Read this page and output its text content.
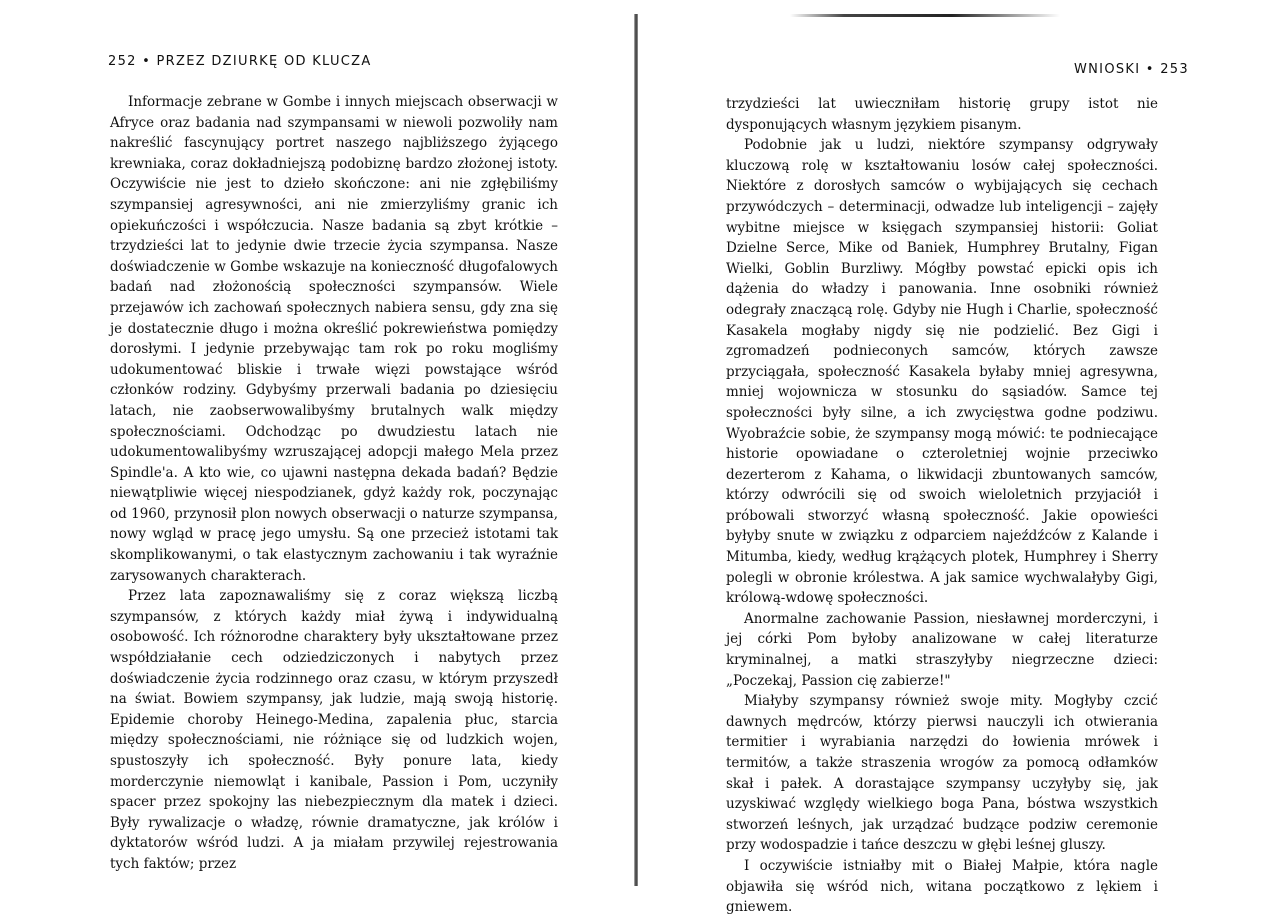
252 • PRZEZ DZIURKĘ OD KLUCZA
WNIOSKI • 253

Informacje zebrane w Gombe i innych miejscach obserwacji w Afryce oraz badania nad szympansami w niewoli pozwoliły nam nakreślić fascynujący portret naszego najbliższego żyjącego krewniaka, coraz dokładniejszą podobiznę bardzo złożonej istoty. Oczywiście nie jest to dzieło skończone: ani nie zgłębiliśmy szympansiej agresywności, ani nie zmierzyliśmy granic ich opiekuńczości i współczucia. Nasze badania są zbyt krótkie – trzydzieści lat to jedynie dwie trzecie życia szympansa. Nasze doświadczenie w Gombe wskazuje na konieczność długofalowych badań nad złożonością społeczności szympansów. Wiele przejawów ich zachowań społecznych nabiera sensu, gdy zna się je dostatecznie długo i można określić pokrewieństwa pomiędzy dorosłymi. I jedynie przebywając tam rok po roku mogliśmy udokumentować bliskie i trwałe więzi powstające wśród członków rodziny. Gdybyśmy przerwali badania po dziesięciu latach, nie zaobserwowalibyśmy brutalnych walk między społecznościami. Odchodząc po dwudziestu latach nie udokumentowalibyśmy wzruszającej adopcji małego Mela przez Spindle'a. A kto wie, co ujawni następna dekada badań? Będzie niewątpliwie więcej niespodzianek, gdyż każdy rok, poczynając od 1960, przynosił plon nowych obserwacji o naturze szympansa, nowy wgląd w pracę jego umysłu. Są one przecież istotami tak skomplikowanymi, o tak elastycznym zachowaniu i tak wyraźnie zarysowanych charakterach.

Przez lata zapoznawaliśmy się z coraz większą liczbą szympansów, z których każdy miał żywą i indywidualną osobowość. Ich różnorodne charaktery były ukształtowane przez współdziałanie cech odziedziczonych i nabytych przez doświadczenie życia rodzinnego oraz czasu, w którym przyszedł na świat. Bowiem szympansy, jak ludzie, mają swoją historię. Epidemie choroby Heinego-Medina, zapalenia płuc, starcia między społecznościami, nie różniące się od ludzkich wojen, spustoszyły ich społeczność. Były ponure lata, kiedy morderczynie niemowląt i kanibale, Passion i Pom, uczyniły spacer przez spokojny las niebezpiecznym dla matek i dzieci. Były rywalizacje o władzę, równie dramatyczne, jak królów i dyktatorów wśród ludzi. A ja miałam przywilej rejestrowania tych faktów; przez

trzydzieści lat uwieczniłam historię grupy istot nie dysponujących własnym językiem pisanym.

Podobnie jak u ludzi, niektóre szympansy odgrywały kluczową rolę w kształtowaniu losów całej społeczności. Niektóre z dorosłych samców o wybijających się cechach przywódczych – determinacji, odwadze lub inteligencji – zajęły wybitne miejsce w księgach szympansiej historii: Goliat Dzielne Serce, Mike od Baniek, Humphrey Brutalny, Figan Wielki, Goblin Burzliwy. Mógłby powstać epicki opis ich dążenia do władzy i panowania. Inne osobniki również odegrały znaczącą rolę. Gdyby nie Hugh i Charlie, społeczność Kasakela mogłaby nigdy się nie podzielić. Bez Gigi i zgromadzeń podnieconych samców, których zawsze przyciągała, społeczność Kasakela byłaby mniej agresywna, mniej wojownicza w stosunku do sąsiadów. Samce tej społeczności były silne, a ich zwycięstwa godne podziwu. Wyobraźcie sobie, że szympansy mogą mówić: te podniecające historie opowiadane o czteroletniej wojnie przeciwko dezerterom z Kahama, o likwidacji zbuntowanych samców, którzy odwrócili się od swoich wieloletnich przyjaciół i próbowali stworzyć własną społeczność. Jakie opowieści byłyby snute w związku z odparciem najeźdźców z Kalande i Mitumba, kiedy, według krążących plotek, Humphrey i Sherry polegli w obronie królestwa. A jak samice wychwalałyby Gigi, królową-wdowę społeczności.

Anormalne zachowanie Passion, niesławnej morderczyni, i jej córki Pom byłoby analizowane w całej literaturze kryminalnej, a matki straszyłyby niegrzeczne dzieci: „Poczekaj, Passion cię zabierze!"

Miałyby szympansy również swoje mity. Mogłyby czcić dawnych mędrców, którzy pierwsi nauczyli ich otwierania termitier i wyrabiania narzędzi do łowienia mrówek i termitów, a także straszenia wrogów za pomocą odłamków skał i pałek. A dorastające szympansy uczyłyby się, jak uzyskiwać względy wielkiego boga Pana, bóstwa wszystkich stworzeń leśnych, jak urządzać budzące podziw ceremonie przy wodospadzie i tańce deszczu w głębi leśnej gluszy.

I oczywiście istniałby mit o Białej Małpie, która nagle objawiła się wśród nich, witana początkowo z lękiem i gniewem.
